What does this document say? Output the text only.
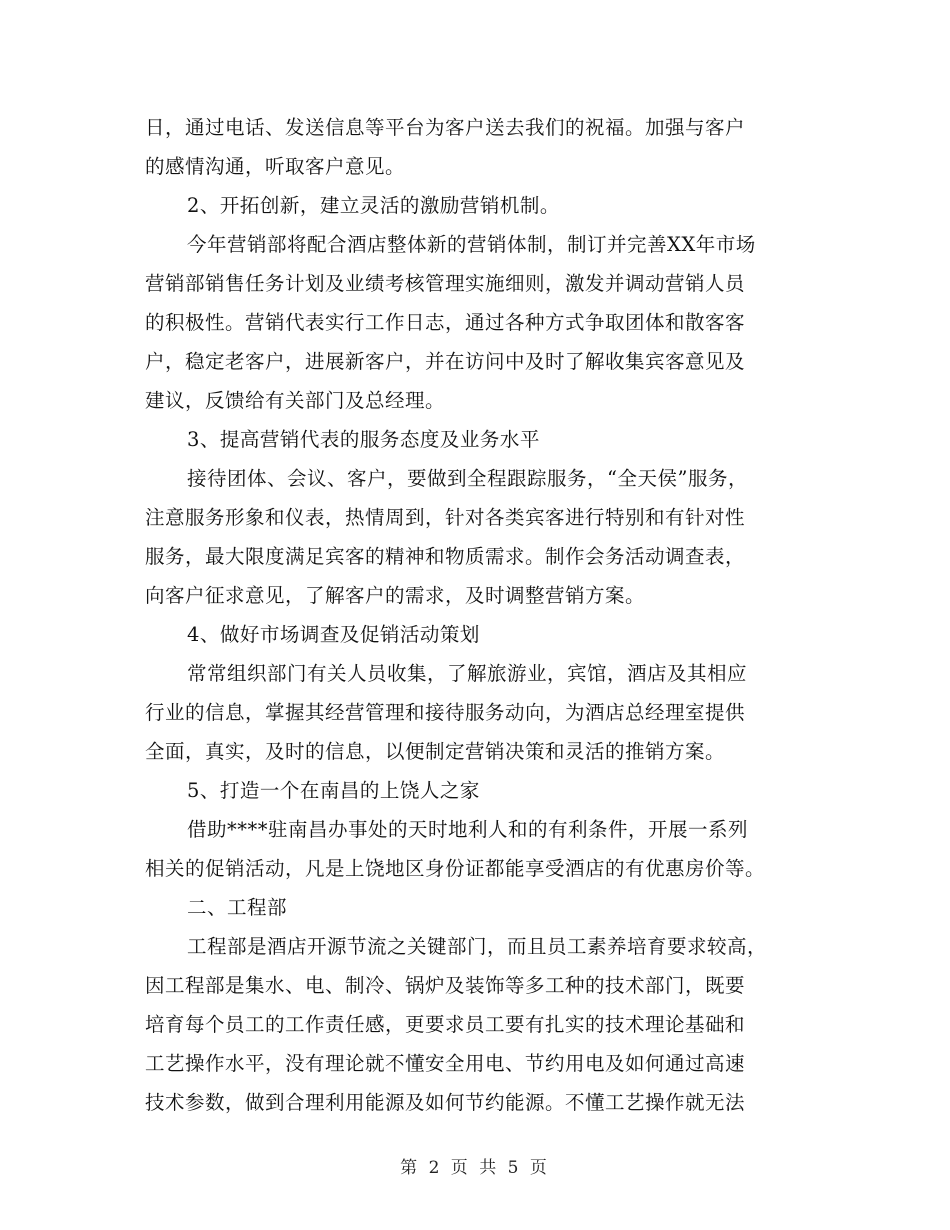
日，通过电话、发送信息等平台为客户送去我们的祝福。加强与客户
的感情沟通，听取客户意见。
2、开拓创新，建立灵活的激励营销机制。
今年营销部将配合酒店整体新的营销体制，制订并完善XX年市场
营销部销售任务计划及业绩考核管理实施细则，激发并调动营销人员
的积极性。营销代表实行工作日志，通过各种方式争取团体和散客客
户，稳定老客户，进展新客户，并在访问中及时了解收集宾客意见及
建议，反馈给有关部门及总经理。
3、提高营销代表的服务态度及业务水平
接待团体、会议、客户，要做到全程跟踪服务，“全天侯”服务，
注意服务形象和仪表，热情周到，针对各类宾客进行特别和有针对性
服务，最大限度满足宾客的精神和物质需求。制作会务活动调查表，
向客户征求意见，了解客户的需求，及时调整营销方案。
4、做好市场调查及促销活动策划
常常组织部门有关人员收集，了解旅游业，宾馆，酒店及其相应
行业的信息，掌握其经营管理和接待服务动向，为酒店总经理室提供
全面，真实，及时的信息，以便制定营销决策和灵活的推销方案。
5、打造一个在南昌的上饶人之家
借助****驻南昌办事处的天时地利人和的有利条件，开展一系列
相关的促销活动，凡是上饶地区身份证都能享受酒店的有优惠房价等。
二、工程部
工程部是酒店开源节流之关键部门，而且员工素养培育要求较高，
因工程部是集水、电、制冷、锅炉及装饰等多工种的技术部门，既要
培育每个员工的工作责任感，更要求员工要有扎实的技术理论基础和
工艺操作水平，没有理论就不懂安全用电、节约用电及如何通过高速
技术参数，做到合理利用能源及如何节约能源。不懂工艺操作就无法
第 2 页 共 5 页
